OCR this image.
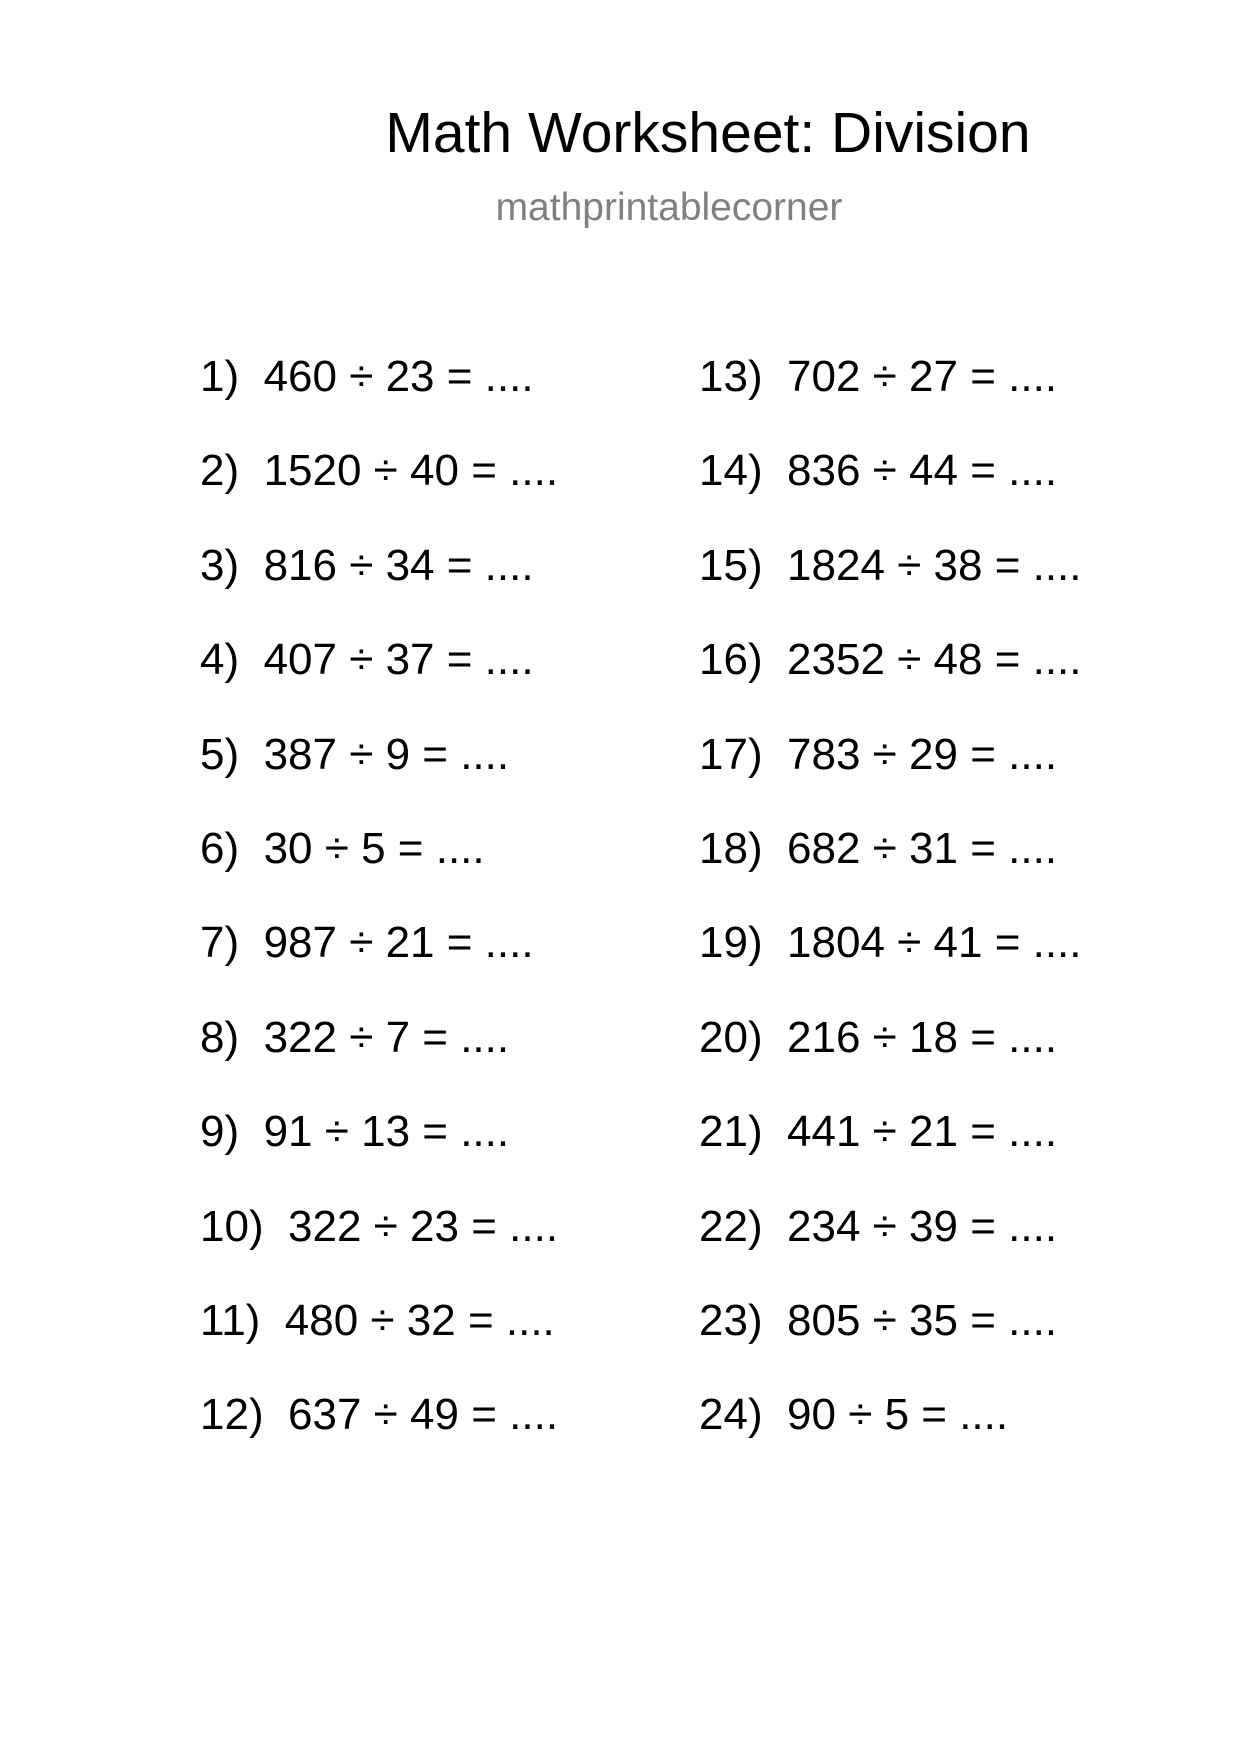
Math Worksheet: Division
mathprintablecorner
1)  460 ÷ 23 = ....
2)  1520 ÷ 40 = ....
3)  816 ÷ 34 = ....
4)  407 ÷ 37 = ....
5)  387 ÷ 9 = ....
6)  30 ÷ 5 = ....
7)  987 ÷ 21 = ....
8)  322 ÷ 7 = ....
9)  91 ÷ 13 = ....
10)  322 ÷ 23 = ....
11)  480 ÷ 32 = ....
12)  637 ÷ 49 = ....
13)  702 ÷ 27 = ....
14)  836 ÷ 44 = ....
15)  1824 ÷ 38 = ....
16)  2352 ÷ 48 = ....
17)  783 ÷ 29 = ....
18)  682 ÷ 31 = ....
19)  1804 ÷ 41 = ....
20)  216 ÷ 18 = ....
21)  441 ÷ 21 = ....
22)  234 ÷ 39 = ....
23)  805 ÷ 35 = ....
24)  90 ÷ 5 = ....
